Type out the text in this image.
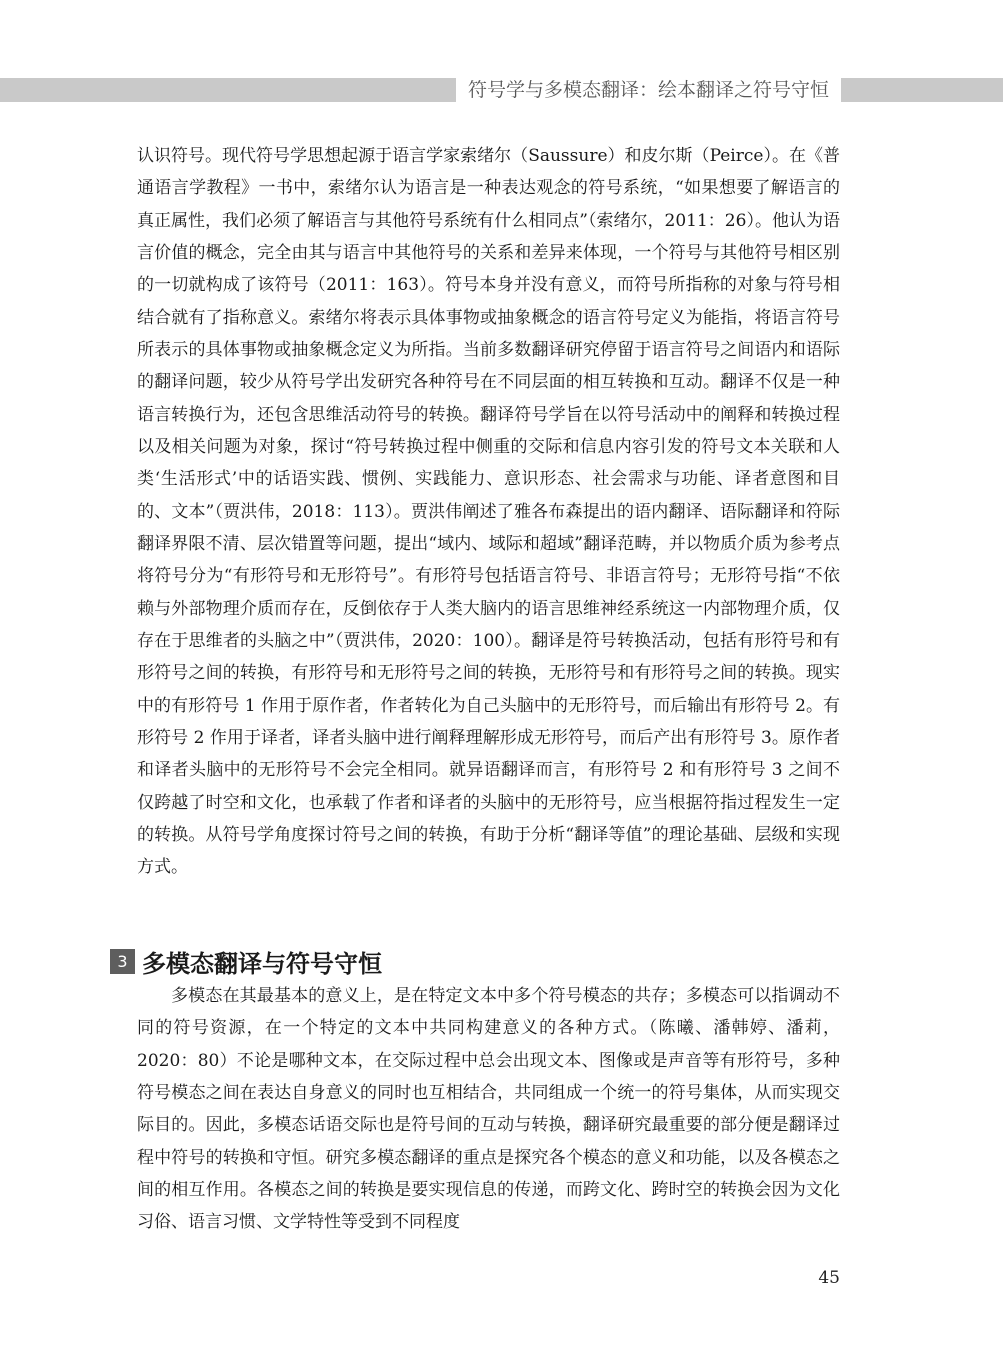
符号学与多模态翻译：绘本翻译之符号守恒

认识符号。现代符号学思想起源于语言学家索绪尔（Saussure）和皮尔斯（Peirce）。在《普通语言学教程》一书中，索绪尔认为语言是一种表达观念的符号系统，“如果想要了解语言的真正属性，我们必须了解语言与其他符号系统有什么相同点”（索绪尔，2011：26）。他认为语言价值的概念，完全由其与语言中其他符号的关系和差异来体现，一个符号与其他符号相区别的一切就构成了该符号（2011：163）。符号本身并没有意义，而符号所指称的对象与符号相结合就有了指称意义。索绪尔将表示具体事物或抽象概念的语言符号定义为能指，将语言符号所表示的具体事物或抽象概念定义为所指。当前多数翻译研究停留于语言符号之间语内和语际的翻译问题，较少从符号学出发研究各种符号在不同层面的相互转换和互动。翻译不仅是一种语言转换行为，还包含思维活动符号的转换。翻译符号学旨在以符号活动中的阐释和转换过程以及相关问题为对象，探讨“符号转换过程中侧重的交际和信息内容引发的符号文本关联和人类‘生活形式’中的话语实践、惯例、实践能力、意识形态、社会需求与功能、译者意图和目的、文本”（贾洪伟，2018：113）。贾洪伟阐述了雅各布森提出的语内翻译、语际翻译和符际翻译界限不清、层次错置等问题，提出“域内、域际和超域”翻译范畴，并以物质介质为参考点将符号分为“有形符号和无形符号”。有形符号包括语言符号、非语言符号；无形符号指“不依赖与外部物理介质而存在，反倒依存于人类大脑内的语言思维神经系统这一内部物理介质，仅存在于思维者的头脑之中”（贾洪伟，2020：100）。翻译是符号转换活动，包括有形符号和有形符号之间的转换，有形符号和无形符号之间的转换，无形符号和有形符号之间的转换。现实中的有形符号 1 作用于原作者，作者转化为自己头脑中的无形符号，而后输出有形符号 2。有形符号 2 作用于译者，译者头脑中进行阐释理解形成无形符号，而后产出有形符号 3。原作者和译者头脑中的无形符号不会完全相同。就异语翻译而言，有形符号 2 和有形符号 3 之间不仅跨越了时空和文化，也承载了作者和译者的头脑中的无形符号，应当根据符指过程发生一定的转换。从符号学角度探讨符号之间的转换，有助于分析“翻译等值”的理论基础、层级和实现方式。

3 多模态翻译与符号守恒

多模态在其最基本的意义上，是在特定文本中多个符号模态的共存；多模态可以指调动不同的符号资源，在一个特定的文本中共同构建意义的各种方式。（陈曦、潘韩婷、潘莉，2020：80）不论是哪种文本，在交际过程中总会出现文本、图像或是声音等有形符号，多种符号模态之间在表达自身意义的同时也互相结合，共同组成一个统一的符号集体，从而实现交际目的。因此，多模态话语交际也是符号间的互动与转换，翻译研究最重要的部分便是翻译过程中符号的转换和守恒。研究多模态翻译的重点是探究各个模态的意义和功能，以及各模态之间的相互作用。各模态之间的转换是要实现信息的传递，而跨文化、跨时空的转换会因为文化习俗、语言习惯、文学特性等受到不同程度

45
